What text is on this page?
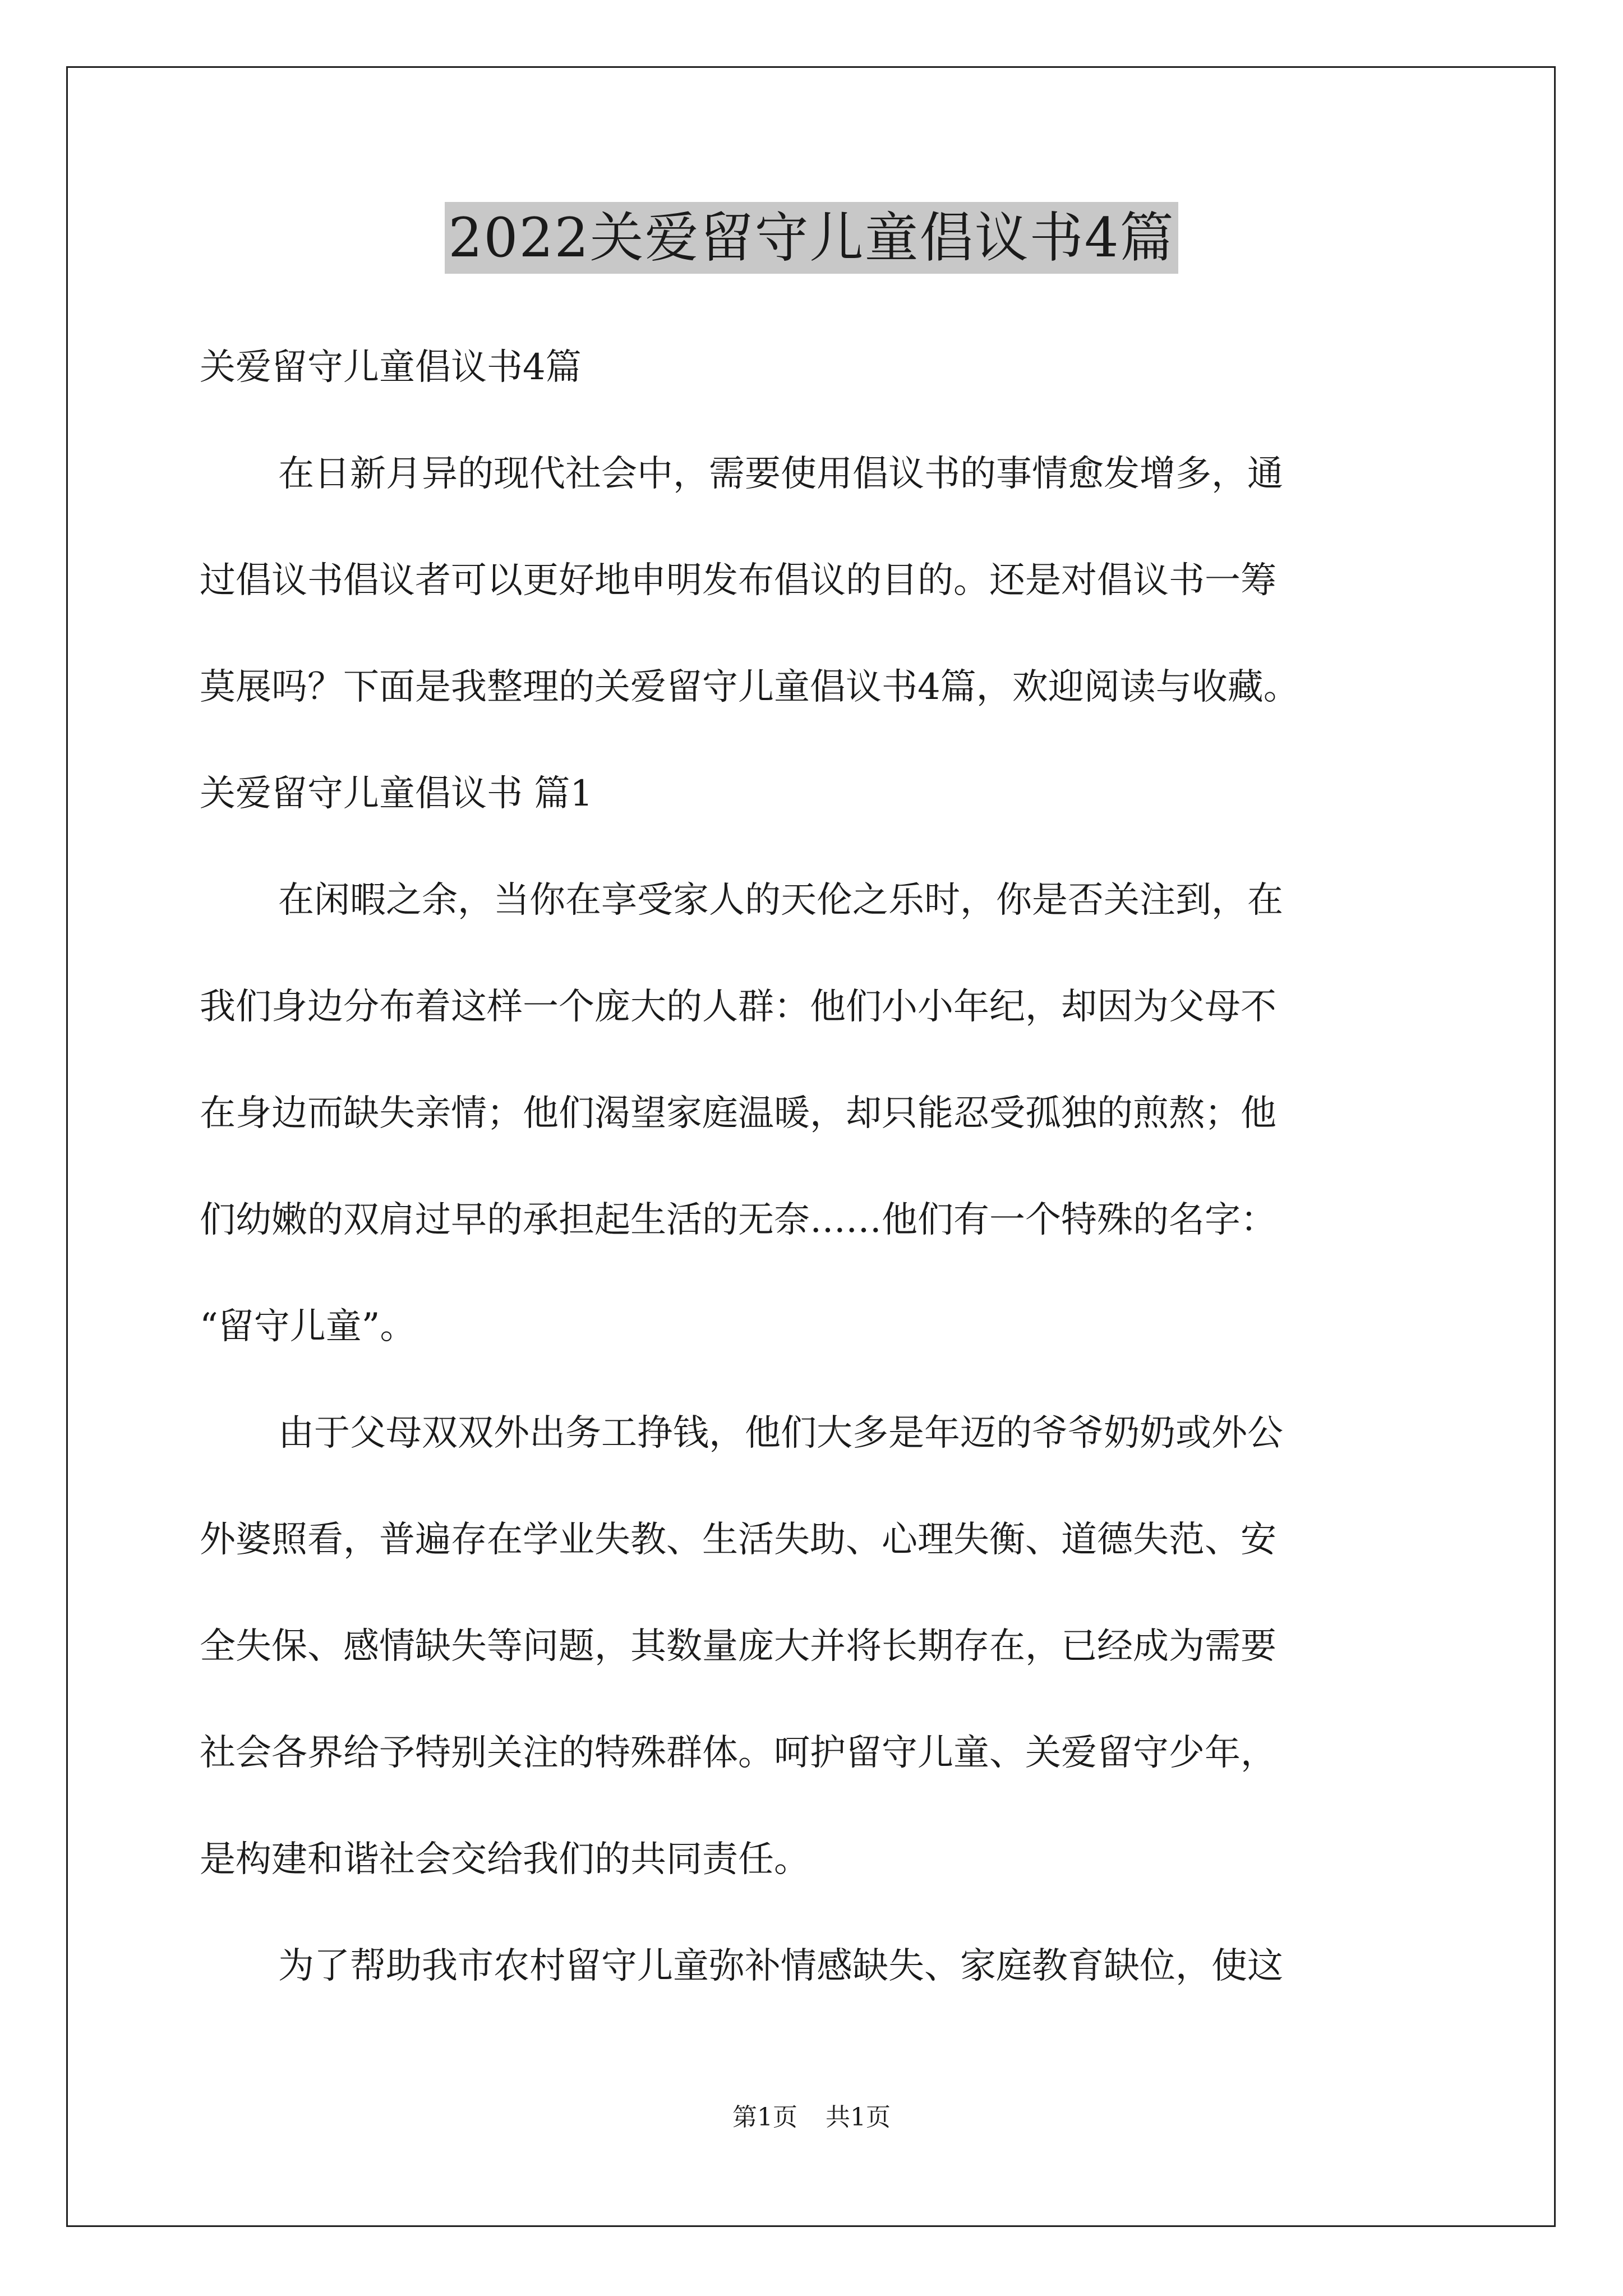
2022关爱留守儿童倡议书4篇

关爱留守儿童倡议书4篇

在日新月异的现代社会中，需要使用倡议书的事情愈发增多，通

过倡议书倡议者可以更好地申明发布倡议的目的。还是对倡议书一筹

莫展吗？下面是我整理的关爱留守儿童倡议书4篇，欢迎阅读与收藏。

关爱留守儿童倡议书 篇1

在闲暇之余，当你在享受家人的天伦之乐时，你是否关注到，在

我们身边分布着这样一个庞大的人群：他们小小年纪，却因为父母不

在身边而缺失亲情；他们渴望家庭温暖，却只能忍受孤独的煎熬；他

们幼嫩的双肩过早的承担起生活的无奈……他们有一个特殊的名字：

“留守儿童”。

由于父母双双外出务工挣钱，他们大多是年迈的爷爷奶奶或外公

外婆照看，普遍存在学业失教、生活失助、心理失衡、道德失范、安

全失保、感情缺失等问题，其数量庞大并将长期存在，已经成为需要

社会各界给予特别关注的特殊群体。呵护留守儿童、关爱留守少年，

是构建和谐社会交给我们的共同责任。

为了帮助我市农村留守儿童弥补情感缺失、家庭教育缺位，使这

第1页 共1页
